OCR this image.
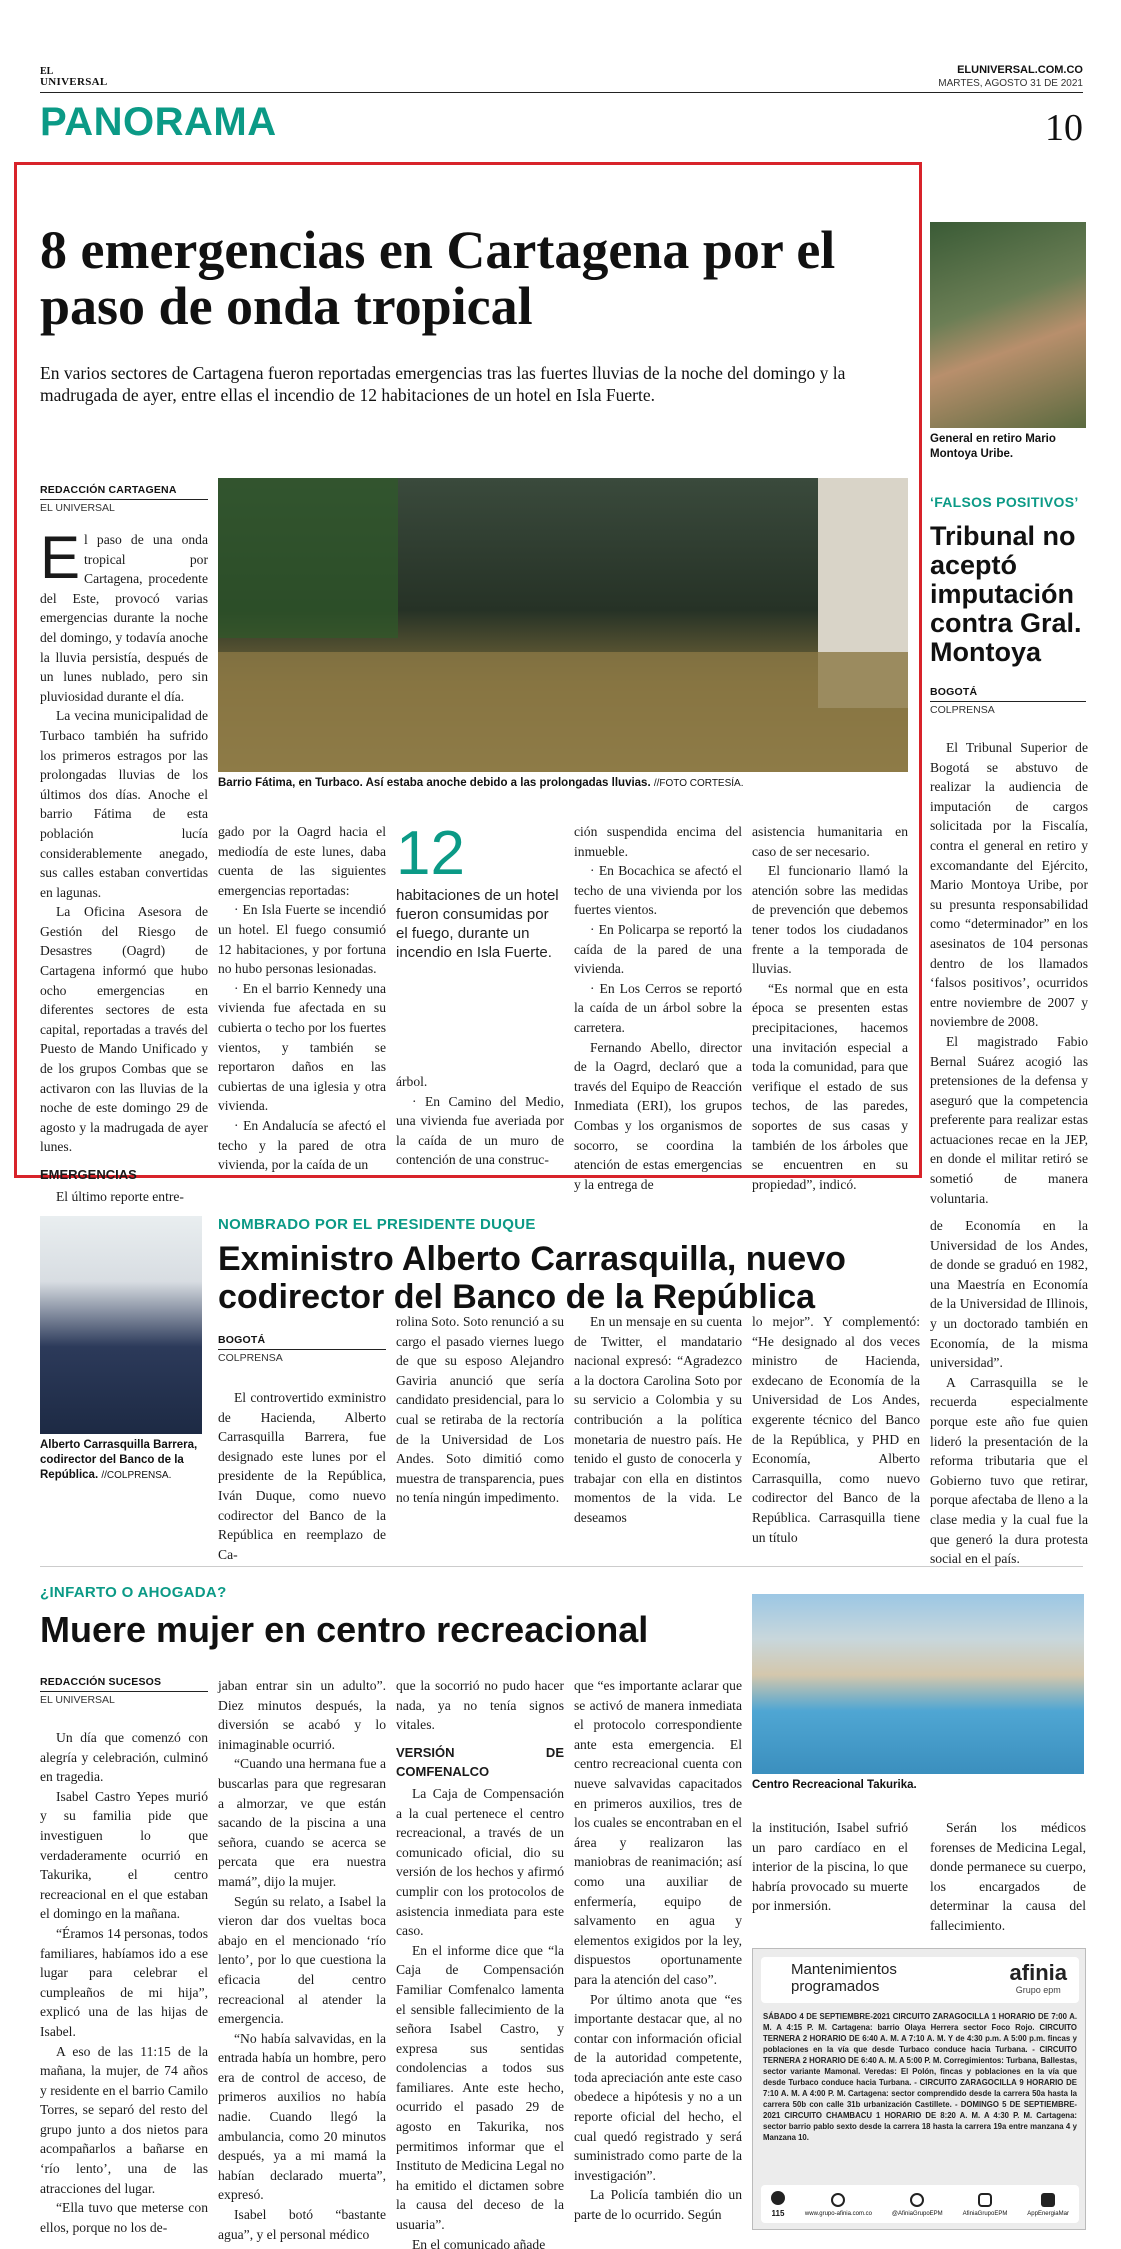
EL
UNIVERSAL
ELUNIVERSAL.COM.CO
MARTES, AGOSTO 31 DE 2021
PANORAMA	10
8 emergencias en Cartagena por el paso de onda tropical
En varios sectores de Cartagena fueron reportadas emergencias tras las fuertes lluvias de la noche del domingo y la madrugada de ayer, entre ellas el incendio de 12 habitaciones de un hotel en Isla Fuerte.
REDACCIÓN CARTAGENA
EL UNIVERSAL
Barrio Fátima, en Turbaco. Así estaba anoche debido a las prolongadas lluvias. //FOTO CORTESÍA.

El paso de una onda tropical por Cartagena, procedente del Este, provocó varias emergencias durante la noche del domingo, y todavía anoche la lluvia persistía, después de un lunes nublado, pero sin pluviosidad durante el día.

La vecina municipalidad de Turbaco también ha sufrido los primeros estragos por las prolongadas lluvias de los últimos dos días. Anoche el barrio Fátima de esta población lucía considerablemente anegado, sus calles estaban convertidas en lagunas.

La Oficina Asesora de Gestión del Riesgo de Desastres (Oagrd) de Cartagena informó que hubo ocho emergencias en diferentes sectores de esta capital, reportadas a través del Puesto de Mando Unificado y de los grupos Combas que se activaron con las lluvias de la noche de este domingo 29 de agosto y la madrugada de ayer lunes.

EMERGENCIAS

El último reporte entre-

gado por la Oagrd hacia el mediodía de este lunes, daba cuenta de las siguientes emergencias reportadas:

· En Isla Fuerte se incendió un hotel. El fuego consumió 12 habitaciones, y por fortuna no hubo personas lesionadas.

· En el barrio Kennedy una vivienda fue afectada en su cubierta o techo por los fuertes vientos, y también se reportaron daños en las cubiertas de una iglesia y otra vivienda.

· En Andalucía se afectó el techo y la pared de otra vivienda, por la caída de un

12
habitaciones de un hotel fueron consumidas por el fuego, durante un incendio en Isla Fuerte.

árbol.

· En Camino del Medio, una vivienda fue averiada por la caída de un muro de contención de una construc-

ción suspendida encima del inmueble.

· En Bocachica se afectó el techo de una vivienda por los fuertes vientos.

· En Policarpa se reportó la caída de la pared de una vivienda.

· En Los Cerros se reportó la caída de un árbol sobre la carretera.

Fernando Abello, director de la Oagrd, declaró que a través del Equipo de Reacción Inmediata (ERI), los grupos Combas y los organismos de socorro, se coordina la atención de estas emergencias y la entrega de

asistencia humanitaria en caso de ser necesario.

El funcionario llamó la atención sobre las medidas de prevención que debemos tener todos los ciudadanos frente a la temporada de lluvias.

“Es normal que en esta época se presenten estas precipitaciones, hacemos una invitación especial a toda la comunidad, para que verifique el estado de sus techos, de las paredes, soportes de sus casas y también de los árboles que se encuentren en su propiedad”, indicó.

General en retiro Mario Montoya Uribe.
‘FALSOS POSITIVOS’
Tribunal no aceptó imputación contra Gral. Montoya
BOGOTÁ
COLPRENSA

El Tribunal Superior de Bogotá se abstuvo de realizar la audiencia de imputación de cargos solicitada por la Fiscalía, contra el general en retiro y excomandante del Ejército, Mario Montoya Uribe, por su presunta responsabilidad como “determinador” en los asesinatos de 104 personas dentro de los llamados ‘falsos positivos’, ocurridos entre noviembre de 2007 y noviembre de 2008.

El magistrado Fabio Bernal Suárez acogió las pretensiones de la defensa y aseguró que la competencia preferente para realizar estas actuaciones recae en la JEP, en donde el militar retiró se sometió de manera voluntaria.

Alberto Carrasquilla Barrera, codirector del Banco de la República. //COLPRENSA.
NOMBRADO POR EL PRESIDENTE DUQUE
Exministro Alberto Carrasquilla, nuevo codirector del Banco de la República
BOGOTÁ
COLPRENSA

El controvertido exministro de Hacienda, Alberto Carrasquilla Barrera, fue designado este lunes por el presidente de la República, Iván Duque, como nuevo codirector del Banco de la República en reemplazo de Ca-

rolina Soto. Soto renunció a su cargo el pasado viernes luego de que su esposo Alejandro Gaviria anunció que sería candidato presidencial, para lo cual se retiraba de la rectoría de la Universidad de Los Andes. Soto dimitió como muestra de transparencia, pues no tenía ningún impedimento.

En un mensaje en su cuenta de Twitter, el mandatario nacional expresó: “Agradezco a la doctora Carolina Soto por su servicio a Colombia y su contribución a la política monetaria de nuestro país. He tenido el gusto de conocerla y trabajar con ella en distintos momentos de la vida. Le deseamos

lo mejor”. Y complementó: “He designado al dos veces ministro de Hacienda, exdecano de Economía de la Universidad de Los Andes, exgerente técnico del Banco de la República, y PHD en Economía, Alberto Carrasquilla, como nuevo codirector del Banco de la República. Carrasquilla tiene un título

de Economía en la Universidad de los Andes, de donde se graduó en 1982, una Maestría en Economía de la Universidad de Illinois, y un doctorado también en Economía, de la misma universidad”.

A Carrasquilla se le recuerda especialmente porque este año fue quien lideró la presentación de la reforma tributaria que el Gobierno tuvo que retirar, porque afectaba de lleno a la clase media y la cual fue la que generó la dura protesta social en el país.

¿INFARTO O AHOGADA?
Muere mujer en centro recreacional
REDACCIÓN SUCESOS
EL UNIVERSAL
Centro Recreacional Takurika.

Un día que comenzó con alegría y celebración, culminó en tragedia.

Isabel Castro Yepes murió y su familia pide que investiguen lo que verdaderamente ocurrió en Takurika, el centro recreacional en el que estaban el domingo en la mañana.

“Éramos 14 personas, todos familiares, habíamos ido a ese lugar para celebrar el cumpleaños de mi hija”, explicó una de las hijas de Isabel.

A eso de las 11:15 de la mañana, la mujer, de 74 años y residente en el barrio Camilo Torres, se separó del resto del grupo junto a dos nietos para acompañarlos a bañarse en ‘río lento’, una de las atracciones del lugar.

“Ella tuvo que meterse con ellos, porque no los de-

jaban entrar sin un adulto”. Diez minutos después, la diversión se acabó y lo inimaginable ocurrió.

“Cuando una hermana fue a buscarlas para que regresaran a almorzar, ve que están sacando de la piscina a una señora, cuando se acerca se percata que era nuestra mamá”, dijo la mujer.

Según su relato, a Isabel la vieron dar dos vueltas boca abajo en el mencionado ‘río lento’, por lo que cuestiona la eficacia del centro recreacional al atender la emergencia.

“No había salvavidas, en la entrada había un hombre, pero era de control de acceso, de primeros auxilios no había nadie. Cuando llegó la ambulancia, como 20 minutos después, ya a mi mamá la habían declarado muerta”, expresó.

Isabel botó “bastante agua”, y el personal médico

que la socorrió no pudo hacer nada, ya no tenía signos vitales.

VERSIÓN DE COMFENALCO

La Caja de Compensación a la cual pertenece el centro recreacional, a través de un comunicado oficial, dio su versión de los hechos y afirmó cumplir con los protocolos de asistencia inmediata para este caso.

En el informe dice que “la Caja de Compensación Familiar Comfenalco lamenta el sensible fallecimiento de la señora Isabel Castro, y expresa sus sentidas condolencias a todos sus familiares. Ante este hecho, ocurrido el pasado 29 de agosto en Takurika, nos permitimos informar que el Instituto de Medicina Legal no ha emitido el dictamen sobre la causa del deceso de la usuaria”.

En el comunicado añade

que “es importante aclarar que se activó de manera inmediata el protocolo correspondiente ante esta emergencia. El centro recreacional cuenta con nueve salvavidas capacitados en primeros auxilios, tres de los cuales se encontraban en el área y realizaron las maniobras de reanimación; así como una auxiliar de enfermería, equipo de salvamento en agua y elementos exigidos por la ley, dispuestos oportunamente para la atención del caso”.

Por último anota que “es importante destacar que, al no contar con información oficial de la autoridad competente, toda apreciación ante este caso obedece a hipótesis y no a un reporte oficial del hecho, el cual quedó registrado y será suministrado como parte de la investigación”.

La Policía también dio un parte de lo ocurrido. Según

la institución, Isabel sufrió un paro cardíaco en el interior de la piscina, lo que habría provocado su muerte por inmersión.

Serán los médicos forenses de Medicina Legal, donde permanece su cuerpo, los encargados de determinar la causa del fallecimiento.

Mantenimientos
programados
afinia
Grupo epm
SÁBADO 4 DE SEPTIEMBRE-2021 CIRCUITO ZARAGOCILLA 1 HORARIO DE 7:00 A. M. A 4:15 P. M. Cartagena: barrio Olaya Herrera sector Foco Rojo. CIRCUITO TERNERA 2 HORARIO DE 6:40 A. M. A 7:10 A. M. Y de 4:30 p.m. A 5:00 p.m. fincas y poblaciones en la vía que desde Turbaco conduce hacia Turbana. - CIRCUITO TERNERA 2 HORARIO DE 6:40 A. M. A 5:00 P. M. Corregimientos: Turbana, Ballestas, sector variante Mamonal. Veredas: El Polón, fincas y poblaciones en la vía que desde Turbaco conduce hacia Turbana. - CIRCUITO ZARAGOCILLA 9 HORARIO DE 7:10 A. M. A 4:00 P. M. Cartagena: sector comprendido desde la carrera 50a hasta la carrera 50b con calle 31b urbanización Castillete. - DOMINGO 5 DE SEPTIEMBRE-2021 CIRCUITO CHAMBACU 1 HORARIO DE 8:20 A. M. A 4:30 P. M. Cartagena: sector barrio pablo sexto desde la carrera 18 hasta la carrera 19a entre manzana 4 y Manzana 10.
115	www.grupo-afinia.com.co	@AfiniaGrupoEPM	AfiniaGrupoEPM	AppEnergiaMar
